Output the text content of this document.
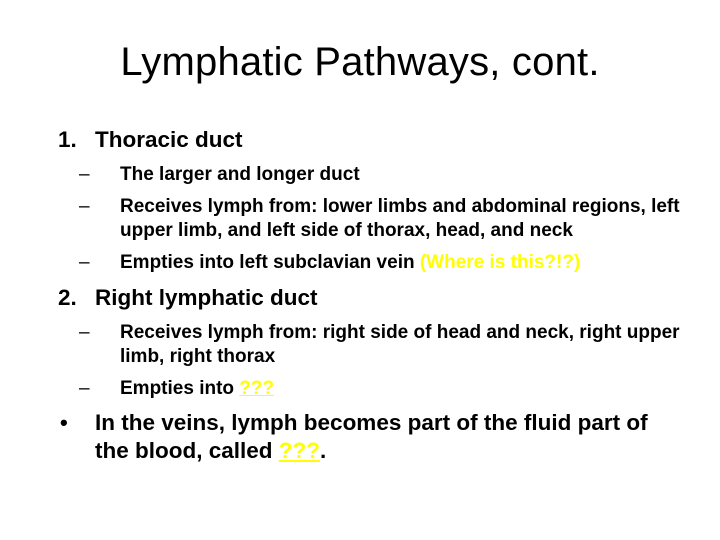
Lymphatic Pathways, cont.
1. Thoracic duct
–	The larger and longer duct
–	Receives lymph from: lower limbs and abdominal regions, left upper limb, and left side of thorax, head, and neck
–	Empties into left subclavian vein (Where is this?!?)
2. Right lymphatic duct
–	Receives lymph from: right side of head and neck, right upper limb, right thorax
–	Empties into ???
•	In the veins, lymph becomes part of the fluid part of the blood, called ???.
